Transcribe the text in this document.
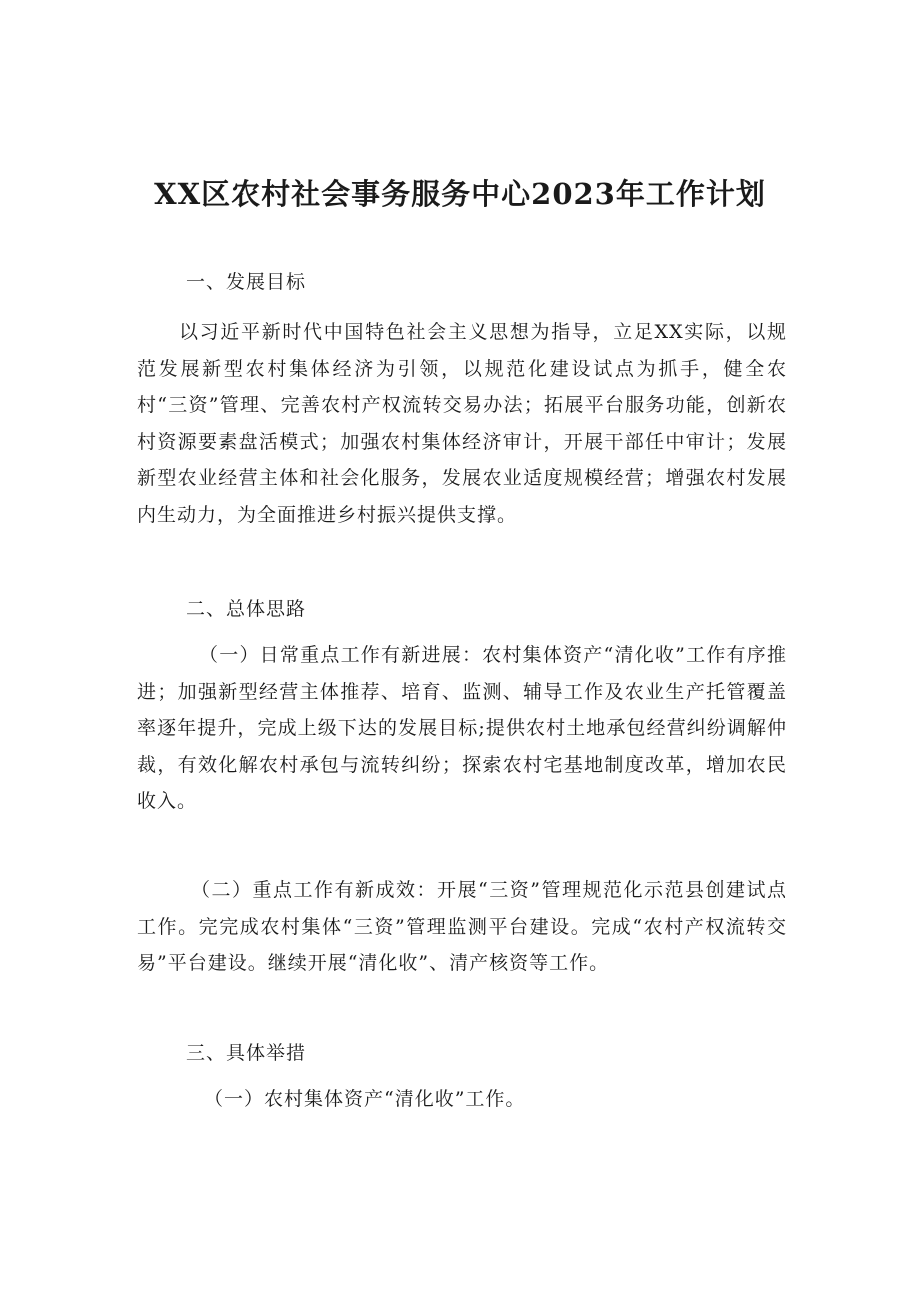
XX区农村社会事务服务中心2023年工作计划

一、发展目标

以习近平新时代中国特色社会主义思想为指导，立足XX实际，以规范发展新型农村集体经济为引领，以规范化建设试点为抓手，健全农村“三资”管理、完善农村产权流转交易办法；拓展平台服务功能，创新农村资源要素盘活模式；加强农村集体经济审计，开展干部任中审计；发展新型农业经营主体和社会化服务，发展农业适度规模经营；增强农村发展内生动力，为全面推进乡村振兴提供支撑。

二、总体思路

（一）日常重点工作有新进展：农村集体资产“清化收”工作有序推进；加强新型经营主体推荐、培育、监测、辅导工作及农业生产托管覆盖率逐年提升，完成上级下达的发展目标;提供农村土地承包经营纠纷调解仲裁，有效化解农村承包与流转纠纷；探索农村宅基地制度改革，增加农民收入。

（二）重点工作有新成效：开展“三资”管理规范化示范县创建试点工作。完完成农村集体“三资”管理监测平台建设。完成“农村产权流转交易”平台建设。继续开展“清化收”、清产核资等工作。

三、具体举措

（一）农村集体资产“清化收”工作。
